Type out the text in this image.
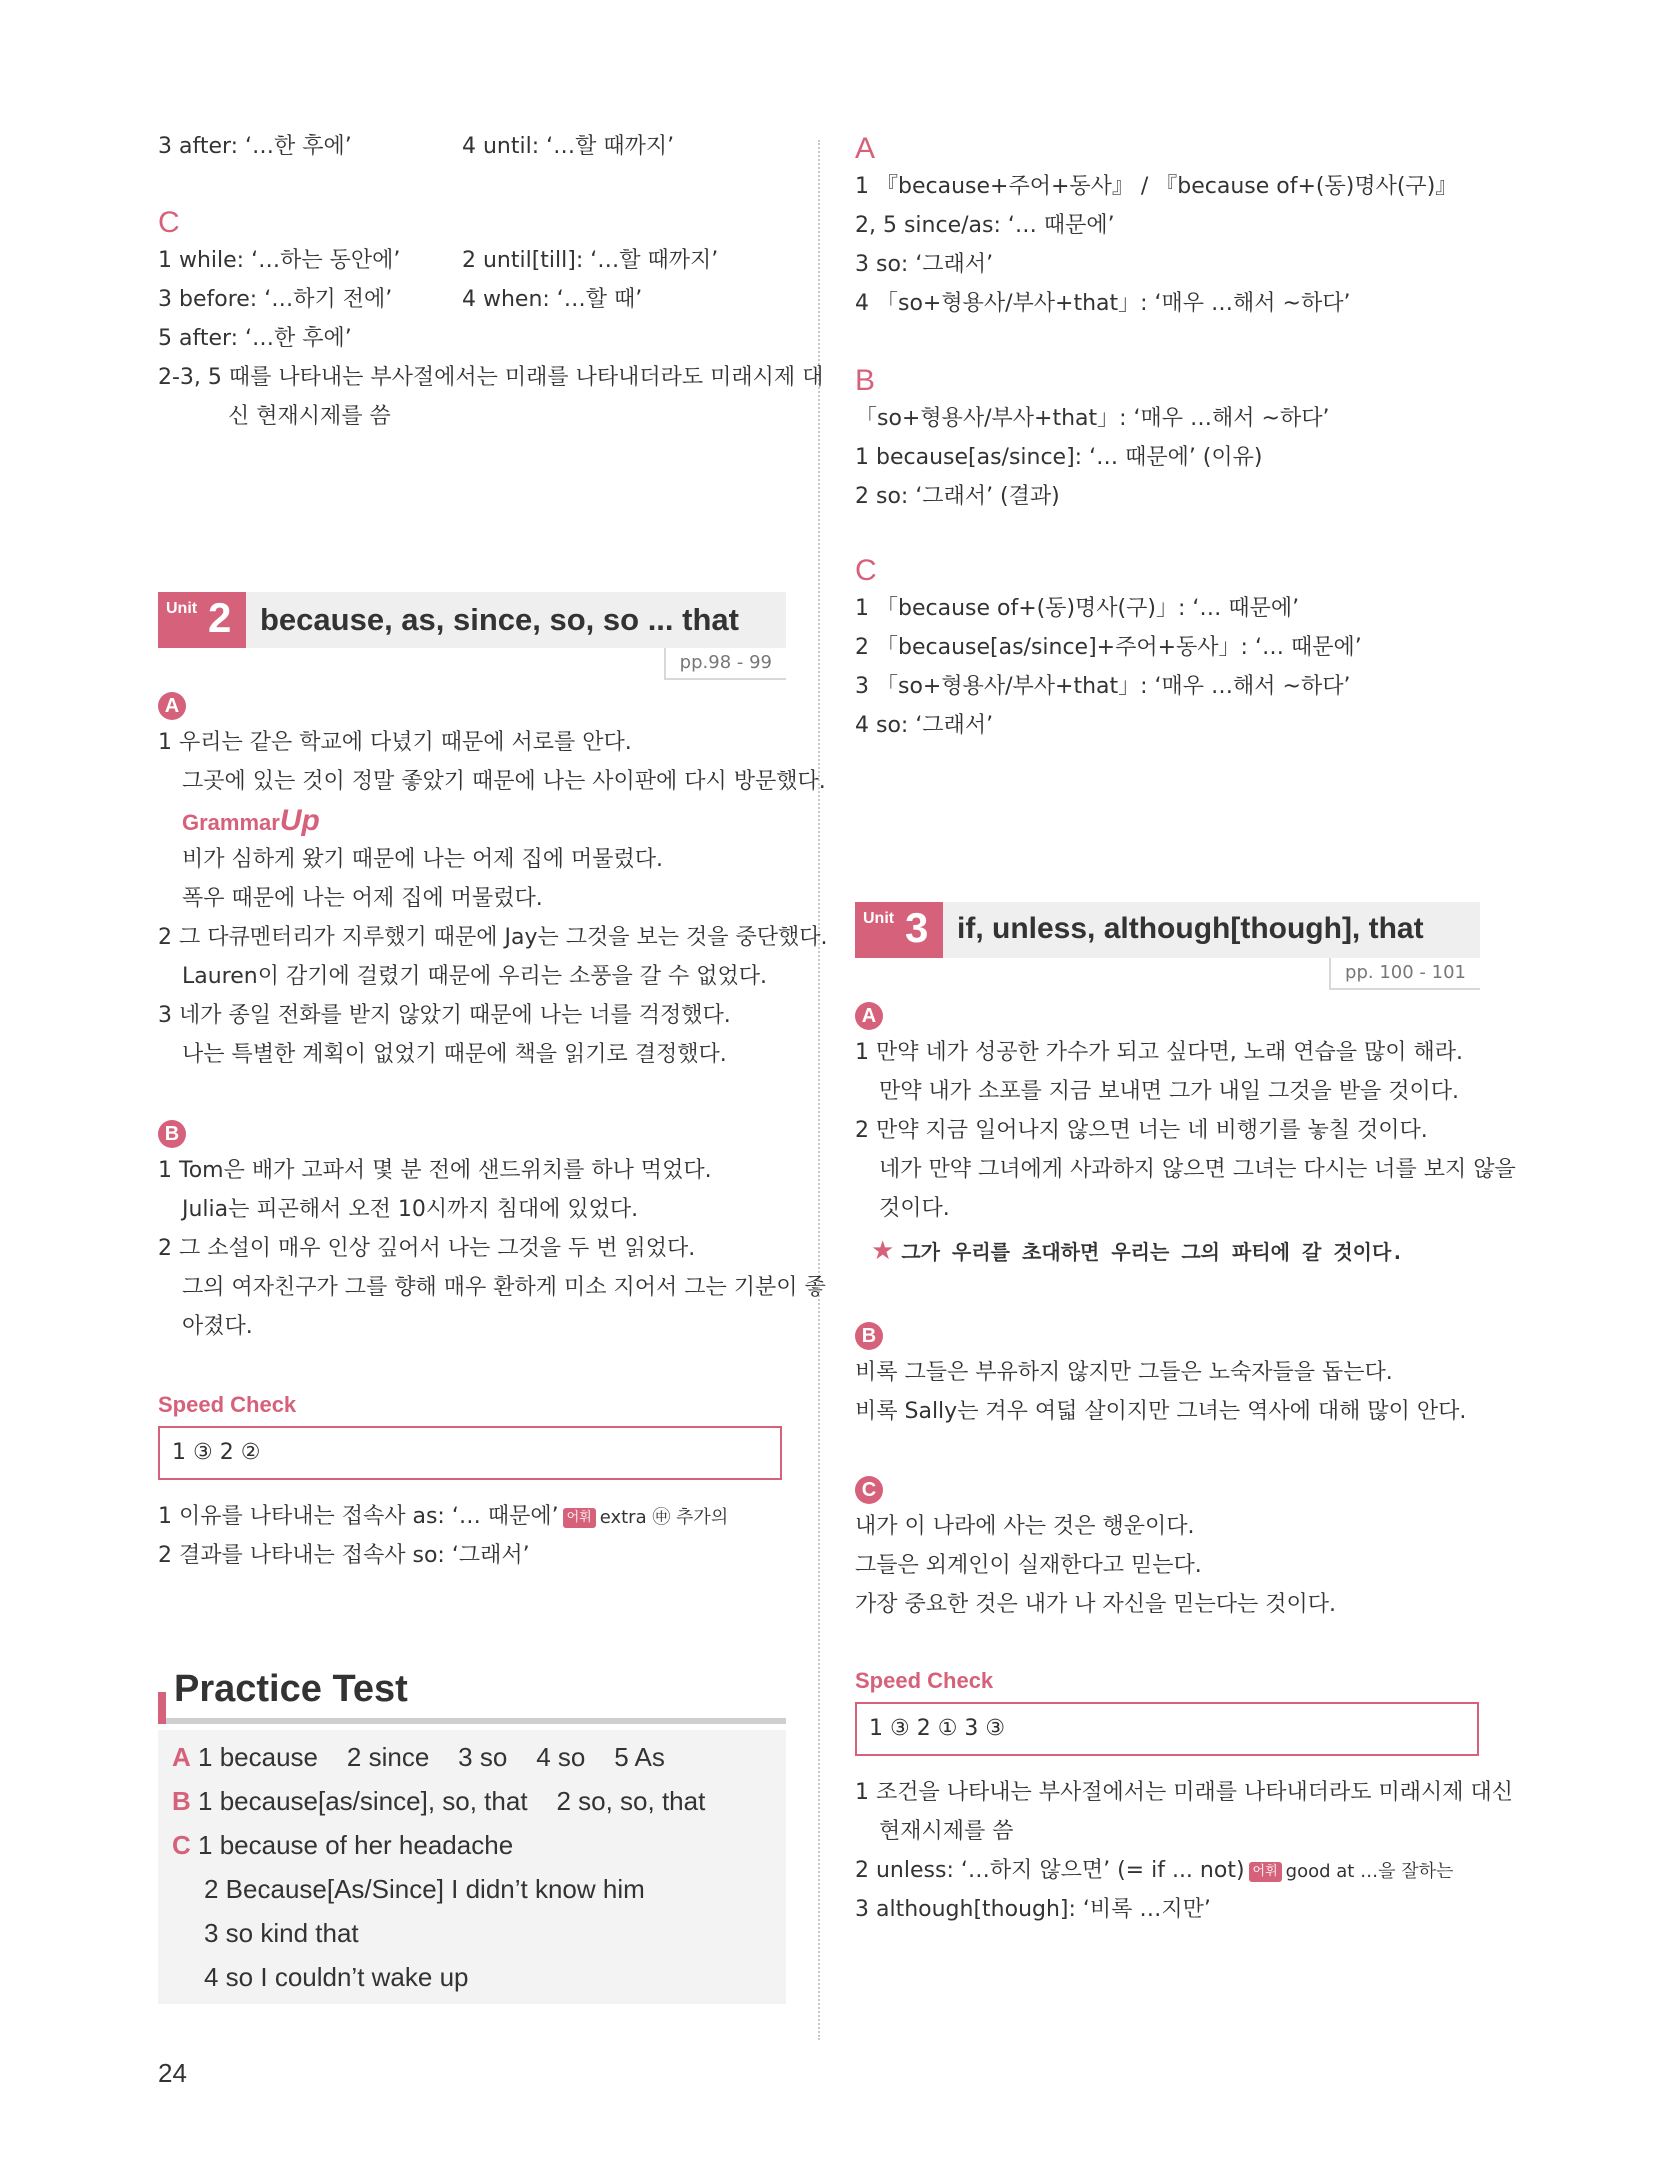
3 after: ‘…한 후에’	4 until: ‘…할 때까지’
C
1 while: ‘…하는 동안에’	2 until[till]: ‘…할 때까지’
3 before: ‘…하기 전에’	4 when: ‘…할 때’
5 after: ‘…한 후에’
2-3, 5 때를 나타내는 부사절에서는 미래를 나타내더라도 미래시제 대
신 현재시제를 씀
Unit 2 because, as, since, so, so ... that
pp.98 - 99
A
1 우리는 같은 학교에 다녔기 때문에 서로를 안다.
그곳에 있는 것이 정말 좋았기 때문에 나는 사이판에 다시 방문했다.
GrammarUp
비가 심하게 왔기 때문에 나는 어제 집에 머물렀다.
폭우 때문에 나는 어제 집에 머물렀다.
2 그 다큐멘터리가 지루했기 때문에 Jay는 그것을 보는 것을 중단했다.
Lauren이 감기에 걸렸기 때문에 우리는 소풍을 갈 수 없었다.
3 네가 종일 전화를 받지 않았기 때문에 나는 너를 걱정했다.
나는 특별한 계획이 없었기 때문에 책을 읽기로 결정했다.
B
1 Tom은 배가 고파서 몇 분 전에 샌드위치를 하나 먹었다.
Julia는 피곤해서 오전 10시까지 침대에 있었다.
2 그 소설이 매우 인상 깊어서 나는 그것을 두 번 읽었다.
그의 여자친구가 그를 향해 매우 환하게 미소 지어서 그는 기분이 좋
아졌다.
Speed Check
1 ③ 2 ②
1 이유를 나타내는 접속사 as: ‘… 때문에’ 어휘 extra ㊥ 추가의
2 결과를 나타내는 접속사 so: ‘그래서’
Practice Test
A 1 because    2 since    3 so    4 so    5 As
B 1 because[as/since], so, that    2 so, so, that
C 1 because of her headache
2 Because[As/Since] I didn’t know him
3 so kind that
4 so I couldn’t wake up
24
A
1 『because+주어+동사』 / 『because of+(동)명사(구)』
2, 5 since/as: ‘… 때문에’
3 so: ‘그래서’
4 「so+형용사/부사+that」: ‘매우 …해서 ~하다’
B
「so+형용사/부사+that」: ‘매우 …해서 ~하다’
1 because[as/since]: ‘… 때문에’ (이유)
2 so: ‘그래서’ (결과)
C
1 「because of+(동)명사(구)」: ‘… 때문에’
2 「because[as/since]+주어+동사」: ‘… 때문에’
3 「so+형용사/부사+that」: ‘매우 …해서 ~하다’
4 so: ‘그래서’
Unit 3 if, unless, although[though], that
pp. 100 - 101
A
1 만약 네가 성공한 가수가 되고 싶다면, 노래 연습을 많이 해라.
만약 내가 소포를 지금 보내면 그가 내일 그것을 받을 것이다.
2 만약 지금 일어나지 않으면 너는 네 비행기를 놓칠 것이다.
네가 만약 그녀에게 사과하지 않으면 그녀는 다시는 너를 보지 않을
것이다.
★ 그가 우리를 초대하면 우리는 그의 파티에 갈 것이다.
B
비록 그들은 부유하지 않지만 그들은 노숙자들을 돕는다.
비록 Sally는 겨우 여덟 살이지만 그녀는 역사에 대해 많이 안다.
C
내가 이 나라에 사는 것은 행운이다.
그들은 외계인이 실재한다고 믿는다.
가장 중요한 것은 내가 나 자신을 믿는다는 것이다.
Speed Check
1 ③ 2 ① 3 ③
1 조건을 나타내는 부사절에서는 미래를 나타내더라도 미래시제 대신
현재시제를 씀
2 unless: ‘…하지 않으면’ (= if ... not) 어휘 good at …을 잘하는
3 although[though]: ‘비록 …지만’
